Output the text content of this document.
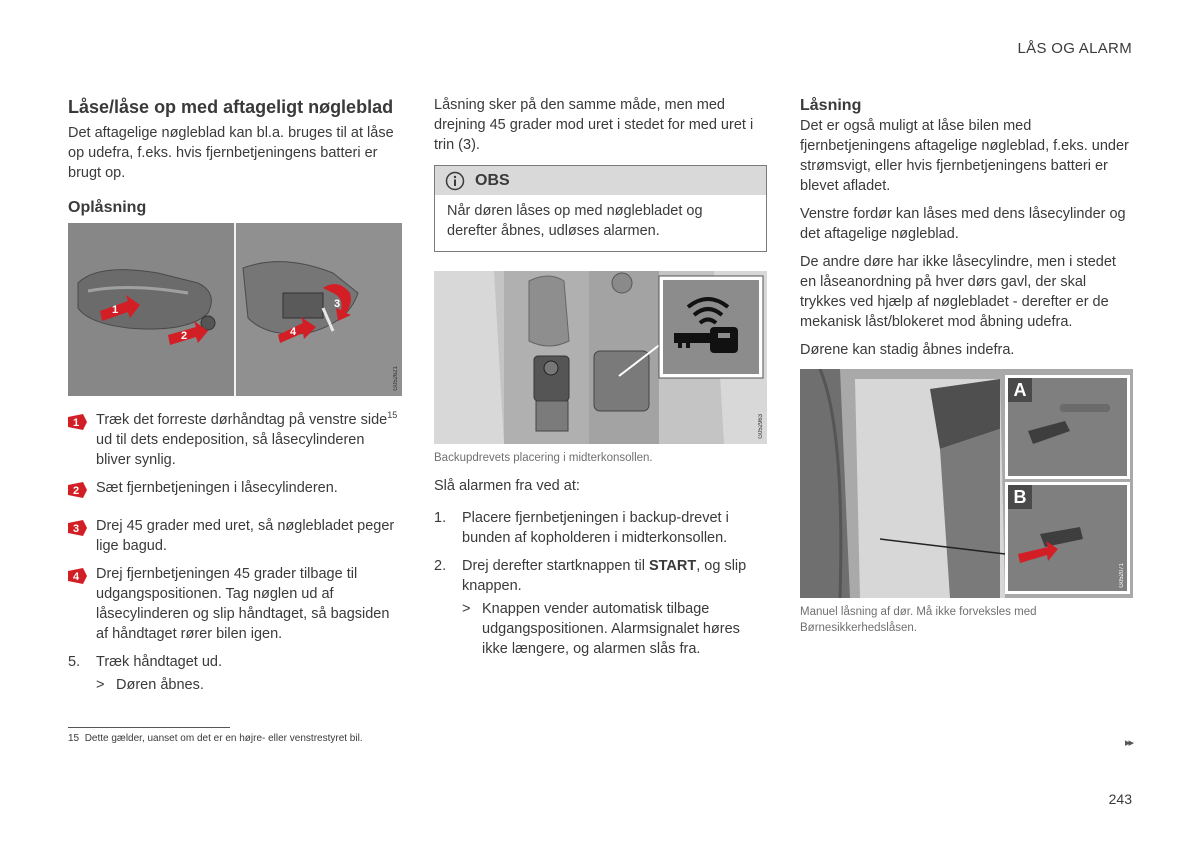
LÅS OG ALARM
Låse/låse op med aftageligt nøgleblad

Det aftagelige nøgleblad kan bl.a. bruges til at låse op udefra, f.eks. hvis fjernbetjeningens batteri er brugt op.

Oplåsning
1
2
3
4
G052621
1 Træk det forreste dørhåndtag på venstre side$^{15}$ ud til dets endeposition, så låsecylinderen bliver synlig.
2 Sæt fjernbetjeningen i låsecylinderen.
3 Drej 45 grader med uret, så nøglebladet peger lige bagud.
4 Drej fjernbetjeningen 45 grader tilbage til udgangspositionen. Tag nøglen ud af låsecylinderen og slip håndtaget, så bagsiden af håndtaget rører bilen igen.
5. Træk håndtaget ud.
> Døren åbnes.

Låsning sker på den samme måde, men med drejning 45 grader mod uret i stedet for med uret i trin (3).

OBS
Når døren låses op med nøglebladet og derefter åbnes, udløses alarmen.
G052963
Backupdrevets placering i midterkonsollen.

Slå alarmen fra ved at:

1. Placere fjernbetjeningen i backup-drevet i bunden af kopholderen i midterkonsollen.
2. Drej derefter startknappen til START, og slip knappen.
> Knappen vender automatisk tilbage udgangspositionen. Alarmsignalet høres ikke længere, og alarmen slås fra.
Låsning

Det er også muligt at låse bilen med fjernbetjeningens aftagelige nøgleblad, f.eks. under strømsvigt, eller hvis fjernbetjeningens batteri er blevet afladet.

Venstre fordør kan låses med dens låsecylinder og det aftagelige nøgleblad.

De andre døre har ikke låsecylindre, men i stedet en låseanordning på hver dørs gavl, der skal trykkes ved hjælp af nøglebladet - derefter er de mekanisk låst/blokeret mod åbning udefra.

Dørene kan stadig åbnes indefra.

A
B
G052071
Manuel låsning af dør. Må ikke forveksles med Børnesikkerhedslåsen.
15 Dette gælder, uanset om det er en højre- eller venstrestyret bil.	▸▸
243
